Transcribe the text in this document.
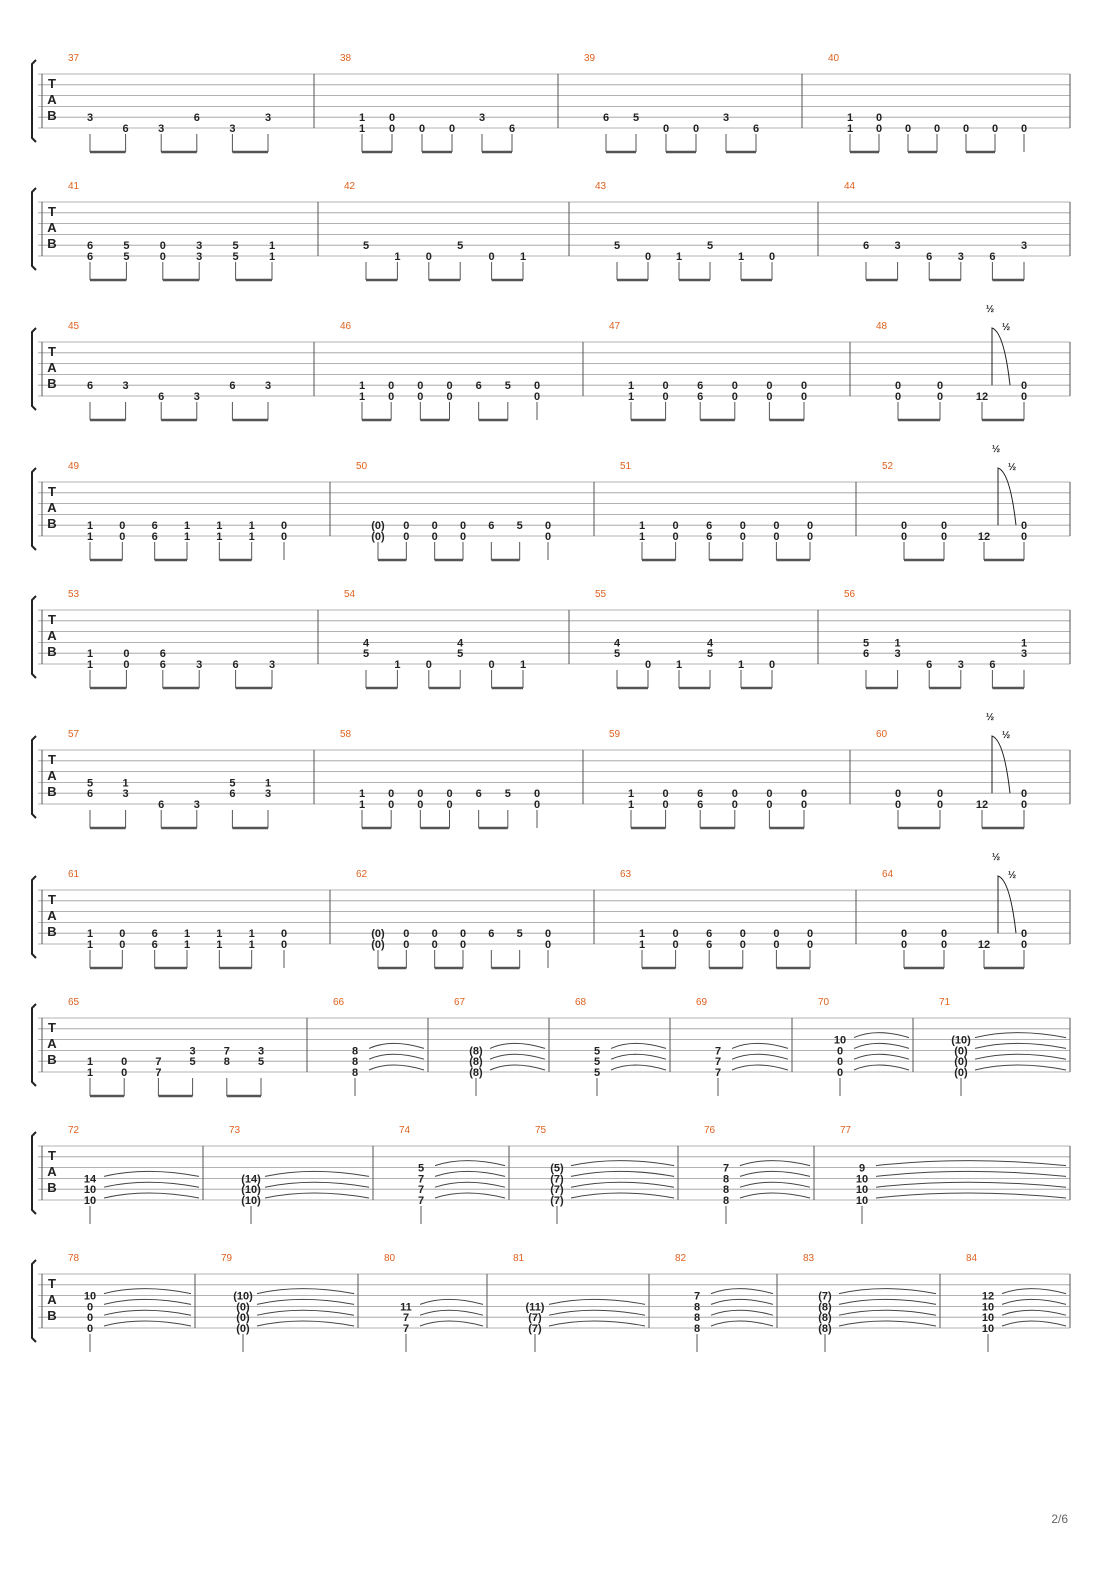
T
A
B
37
3
6	3
6
3
3
38
1
1
0
0 0 0
3
6
39
6 5
0 0
3
6
40
1
1
0
0 0 0 0 0 0
T
A
B
41
6
6
5
5
0
0
3
3
5
5
1
1
42
5
1 0
5
0 1
43
5
0 1
5
1 0
44
6 3
6 3 6
3
T
A
B
45
6	3
6	3
6	3
46
1
1
0
0
0
0
0
0
6 5 0
0
47
1
1
0
0
6
6
0
0
0
0
0
0
48
0
0
0
0	12
0
0
½
½
T
A
B
49
1
1
0
0
6
6
1
1
1
1
1
1
0
0
50
(0)
(0)
0
0
0
0
0
0
6 5 0
0
51
1
1
0
0
6
6
0
0
0
0
0
0
52
0
0
0
0	12
0
0
½
½
T
A
B
53
1
1
0
0
6
6	3	6	3
54
4
5
1 0
4
5
0 1
55
4
5
0 1
4
5
1 0
56
5
6
1
3
6 3 6
1
3
T
A
B
57
5
6
1
3
6	3
5
6
1
3
58
1
1
0
0
0
0
0
0
6 5 0
0
59
1
1
0
0
6
6
0
0
0
0
0
0
60
0
0
0
0	12
0
0
½
½
T
A
B
61
1
1
0
0
6
6
1
1
1
1
1
1
0
0
62
(0)
(0)
0
0
0
0
0
0
6 5 0
0
63
1
1
0
0
6
6
0
0
0
0
0
0
64
0
0
0
0	12
0
0
½
½
T
A
B
65
1
1
0
0
7
7
3
5
7
8
3
5
66
8
8
8
67
(8)
(8)
(8)
68
5
5
5
69
7
7
7
70
10
0
0
0
71
(10)
(0)
(0)
(0)
T
A
B
72
14
10
10
73
(14)
(10)
(10)
74
5
7
7
7
75
(5)
(7)
(7)
(7)
76
7
8
8
8
77
9
10
10
10
T
A
B
78
10
0
0
0
79
(10)
(0)
(0)
(0)
80
11
7
7
81
(11)
(7)
(7)
82
7
8
8
8
83
(7)
(8)
(8)
(8)
84
12
10
10
10
2/6
